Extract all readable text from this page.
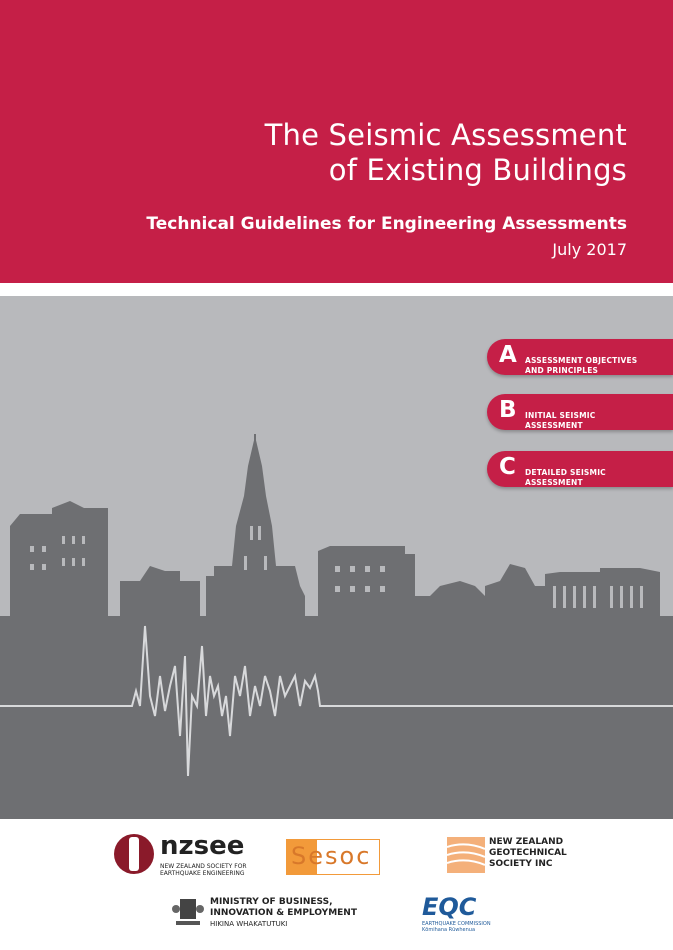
The Seismic Assessment
of Existing Buildings
Technical Guidelines for Engineering Assessments
July 2017
A ASSESSMENT OBJECTIVES
AND PRINCIPLES

B INITIAL SEISMIC
ASSESSMENT

C DETAILED SEISMIC
ASSESSMENT

nzsee
NEW ZEALAND SOCIETY FOR
EARTHQUAKE ENGINEERING
Sesoc	NEW ZEALAND
GEOTECHNICAL
SOCIETY INC
MINISTRY OF BUSINESS,
INNOVATION & EMPLOYMENT
HIKINA WHAKATUTUKI
EQC
EARTHQUAKE COMMISSION
Kōmihana Rūwhenua
